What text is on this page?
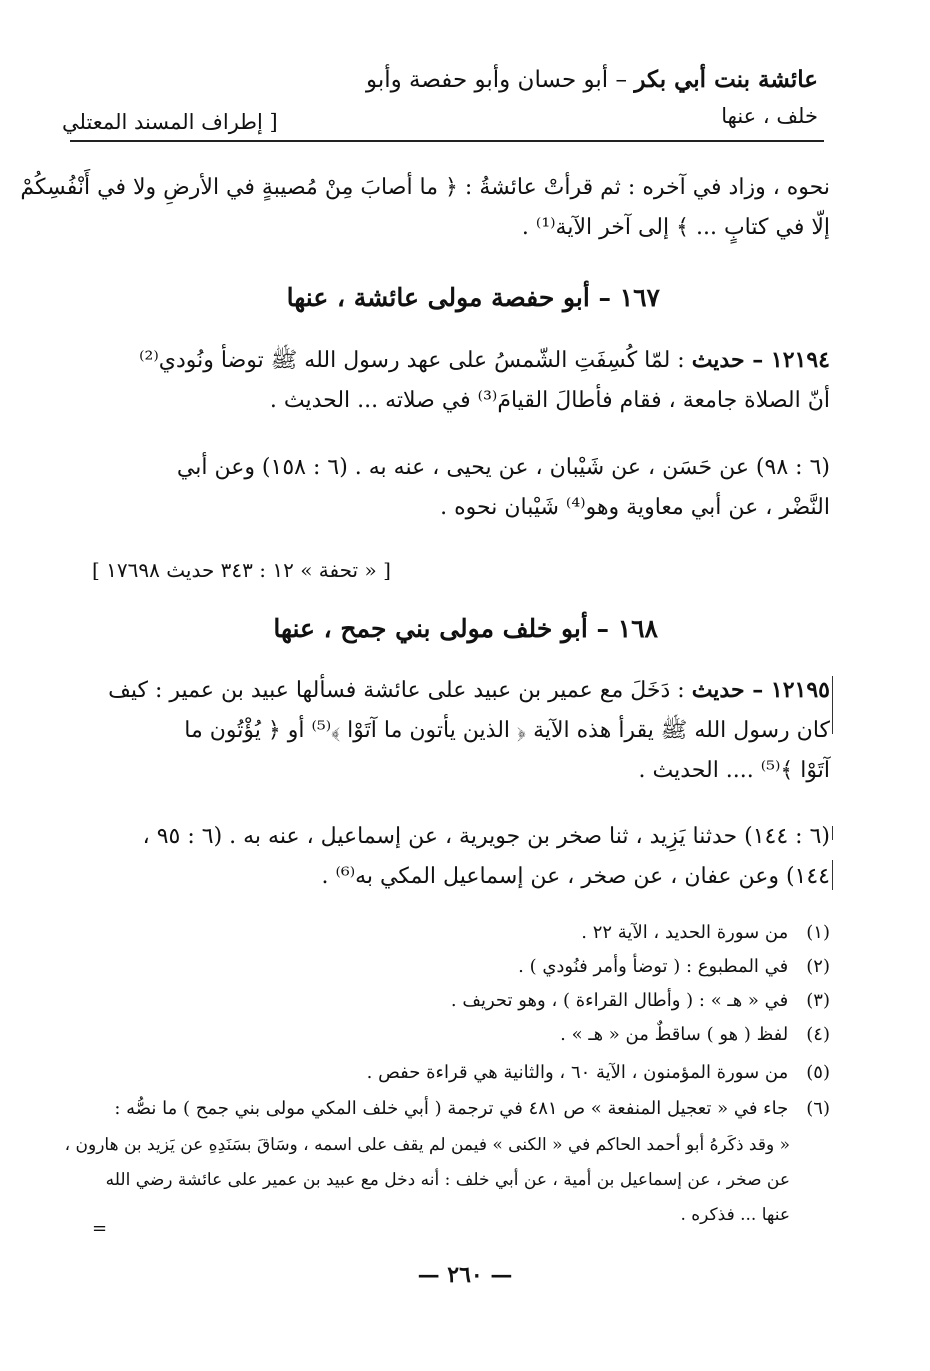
عائشة بنت أبي بكر – أبو حسان وأبو حفصة وأبو
خلف ، عنها
[ إطراف المسند المعتلي
نحوه ، وزاد في آخره : ثم قرأتْ عائشةُ : ﴿ ما أصابَ مِنْ مُصيبةٍ في الأرضِ ولا في أَنْفُسِكُمْ
إلّا في كتابٍ ... ﴾ إلى آخر الآية⁽¹⁾ .
١٦٧ – أبو حفصة مولى عائشة ، عنها
١٢١٩٤ – حديث : لمّا كُسِفَتِ الشّمسُ على عهد رسول الله ﷺ توضأ ونُودي⁽²⁾
أنّ الصلاة جامعة ، فقام فأطالَ القيامَ⁽³⁾ في صلاته ... الحديث .
(٦ : ٩٨) عن حَسَن ، عن شَيْبان ، عن يحيى ، عنه به . (٦ : ١٥٨) وعن أبي
النَّضْر ، عن أبي معاوية وهو⁽⁴⁾ شَيْبان نحوه .
[ « تحفة » ١٢ : ٣٤٣ حديث ١٧٦٩٨ ]
١٦٨ – أبو خلف مولى بني جمح ، عنها
١٢١٩٥ – حديث : دَخَلَ مع عمير بن عبيد على عائشة فسألها عبيد بن عمير : كيف
كان رسول الله ﷺ يقرأ هذه الآية ﴿ الذين يأتون ما آتَوْا ﴾⁽⁵⁾ أو ﴿ يُؤْتُون ما
آتَوْا ﴾⁽⁵⁾ .... الحديث .
(٦ : ١٤٤) حدثنا يَزِيد ، ثنا صخر بن جويرية ، عن إسماعيل ، عنه به . (٦ : ٩٥ ،
١٤٤) وعن عفان ، عن صخر ، عن إسماعيل المكي به⁽⁶⁾ .
(١) من سورة الحديد ، الآية ٢٢ .
(٢) في المطبوع : ( توضأ وأمر فنُودي ) .
(٣) في « هـ » : ( وأطال القراءة ) ، وهو تحريف .
(٤) لفظ ( هو ) ساقطٌ من « هـ » .
(٥) من سورة المؤمنون ، الآية ٦٠ ، والثانية هي قراءة حفص .
(٦) جاء في « تعجيل المنفعة » ص ٤٨١ في ترجمة ( أبي خلف المكي مولى بني جمح ) ما نصُّه :
« وقد ذكَرهُ أبو أحمد الحاكم في « الكنى » فيمن لم يقف على اسمه ، وسَاقَ بسَنَدِهِ عن يَزيد بن هارون ،
عن صخر ، عن إسماعيل بن أمية ، عن أبي خلف : أنه دخل مع عبيد بن عمير على عائشة رضي الله
عنها ... فذكره .
=
— ٢٦٠ —
